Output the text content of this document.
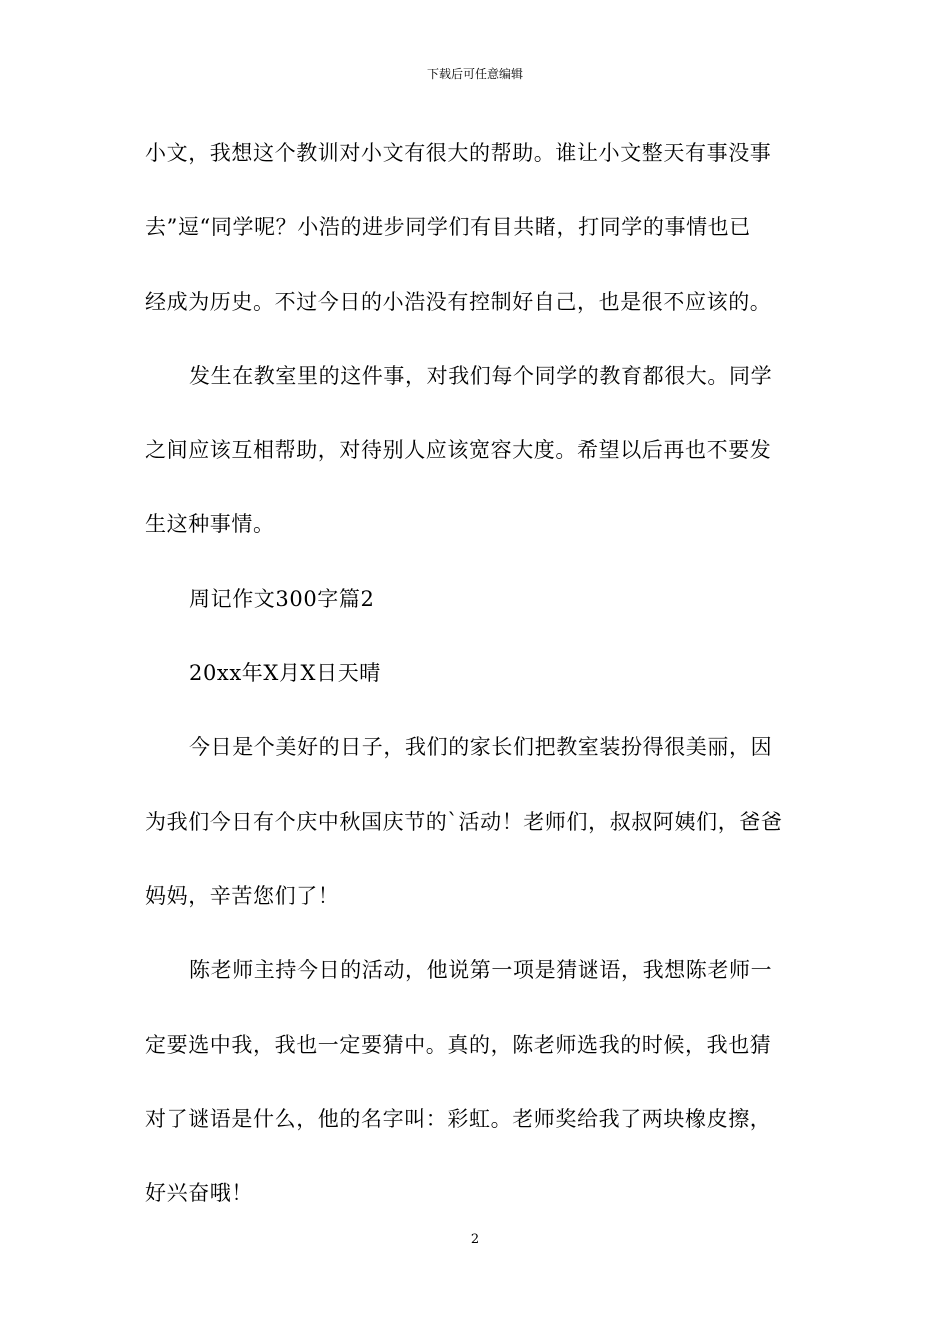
下载后可任意编辑
小文，我想这个教训对小文有很大的帮助。谁让小文整天有事没事
去”逗“同学呢？小浩的进步同学们有目共睹，打同学的事情也已
经成为历史。不过今日的小浩没有控制好自己，也是很不应该的。
发生在教室里的这件事，对我们每个同学的教育都很大。同学
之间应该互相帮助，对待别人应该宽容大度。希望以后再也不要发
生这种事情。
周记作文300字篇2
20xx年X月X日天晴
今日是个美好的日子，我们的家长们把教室装扮得很美丽，因
为我们今日有个庆中秋国庆节的`活动！老师们，叔叔阿姨们，爸爸
妈妈，辛苦您们了！
陈老师主持今日的活动，他说第一项是猜谜语，我想陈老师一
定要选中我，我也一定要猜中。真的，陈老师选我的时候，我也猜
对了谜语是什么，他的名字叫：彩虹。老师奖给我了两块橡皮擦，
好兴奋哦！
2
